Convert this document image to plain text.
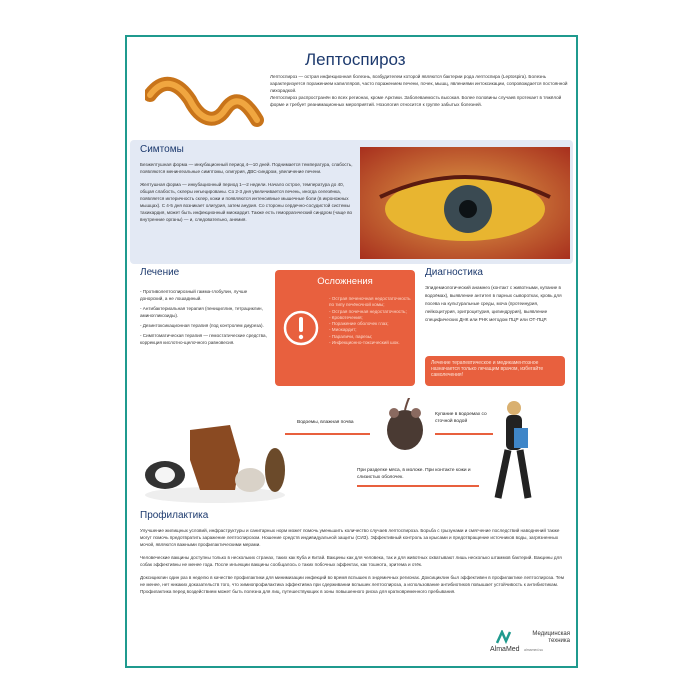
Лептоспироз

Лептоспироз — острая инфекционная болезнь, возбудителем которой являются бактерии рода лептоспира (Leptospira). Болезнь характеризуется поражением капилляров, часто поражением печени, почек, мышц, явлениями интоксикации, сопровождается постоянной лихорадкой.

Лептоспироз распространён во всех регионах, кроме Арктики. Заболеваемость высокая. Более половины случаев протекает в тяжёлой форме и требует реанимационных мероприятий. Нозология относится к группе забытых болезней.

Симтомы

Безжелтушная форма — инкубационный период 4—10 дней. Поднимается температура, слабость, появляются менингеальные симптомы, олигурия, ДВС-синдром, увеличение печени.

Желтушная форма — инкубационный период 1—2 недели. Начало острое, температура до 40, общая слабость, склеры инъецированы. Со 2-3 дня увеличивается печень, иногда селезёнка, появляется иктеричность склер, кожи и появляются интенсивные мышечные боли (в икроножных мышцах). С 4-5 дня возникает олигурия, затем анурия. Со стороны сердечно-сосудистой системы тахикардия, может быть инфекционный миокардит. Также есть геморрагический синдром (чаще во внутренние органы) — и, следовательно, анемия.

Лечение

- Противолептоспирозный гамма-глобулин, лучше донорский, а не лошадиный.

- Антибактериальная терапия (пенициллин, тетрациклин, аминогликозиды).

- Дезинтоксикационная терапия (под контролем диуреза).

- Симптоматическая терапия — гемостатические средства, коррекция кислотно-щелочного равновесия.

Осложнения

- Острая печеночная недостаточность по типу печёночной комы;

- Острая почечная недостаточность;

- Кровотечения;

- Поражение оболочек глаз;

- Миокардит;

- Параличи, парезы;

- Инфекционно-токсический шок.

Диагностика

Эпидемиологический анамнез (контакт с животными, купание в водоёмах), выявление антител в парных сыворотках, кровь для посева на культуральные среды, моча (протеинурия, лейкоцитурия, эритроцитурия, цилиндрурия), выявление специфических ДНК или РНК методом ПЦР или ОТ-ПЦР.

Лечение терапевтическое и медикаментозное назначается только лечащим врачом, избегайте самолечения!
Водоемы, влажная почва
Купание в водоемах со сточной водой
При разделке мяса, в молоке. При контакте кожи и слизистых оболочек.
Профилактика

Улучшение жилищных условий, инфраструктуры и санитарных норм может помочь уменьшить количество случаев лептоспироза. Борьба с грызунами и смягчение последствий наводнений также могут помочь предотвратить заражение лептоспирозом. Ношение средств индивидуальной защиты (СИЗ). Эффективный контроль за крысами и предотвращение источников воды, загрязненных мочой, являются важными профилактическими мерами.

Человеческие вакцины доступны только в нескольких странах, таких как Куба и Китай. Вакцины как для человека, так и для животных охватывают лишь несколько штаммов бактерий. Вакцины для собак эффективны не менее года. После инъекции вакцины сообщалось о таких побочных эффектах, как тошнота, эритема и отёк.

Доксициклин один раз в неделю в качестве профилактики для минимизации инфекций во время вспышек в эндемичных регионах. Доксициклин был эффективен в профилактике лептоспироза. Тем не менее, нет никаких доказательств того, что химиопрофилактика эффективна при сдерживании вспышек лептоспироза, а использование антибиотиков повышает устойчивость к антибиотикам. Профилактика перед воздействием может быть полезна для лиц, путешествующих в зоны повышенного риска для кратковременного пребывания.

AlmaMed
Медицинская
техника
almamed.su
